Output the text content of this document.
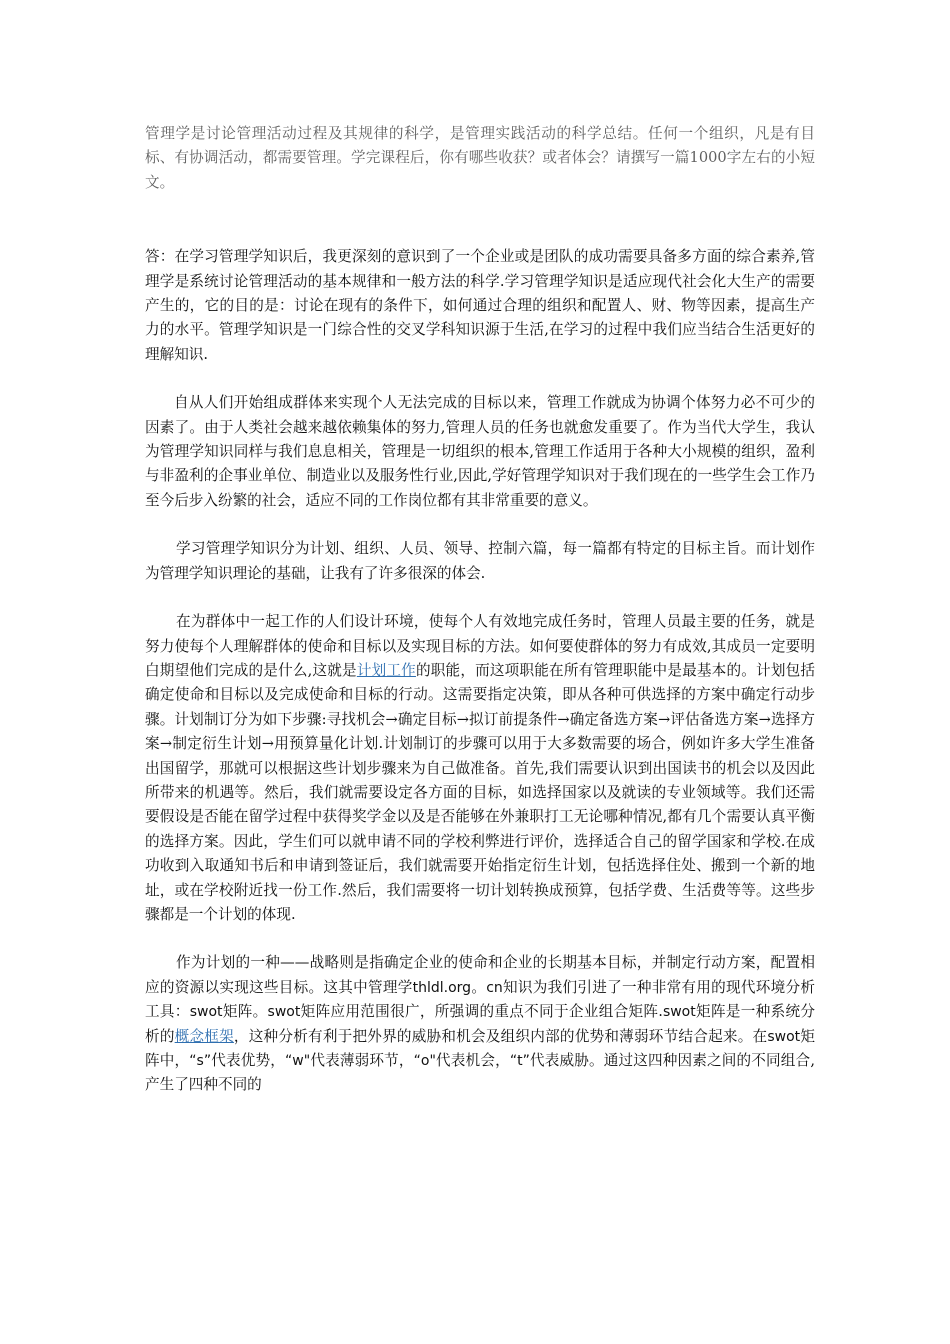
管理学是讨论管理活动过程及其规律的科学，是管理实践活动的科学总结。任何一个组织，凡是有目标、有协调活动，都需要管理。学完课程后，你有哪些收获？或者体会？请撰写一篇1000字左右的小短文。

答：在学习管理学知识后，我更深刻的意识到了一个企业或是团队的成功需要具备多方面的综合素养,管理学是系统讨论管理活动的基本规律和一般方法的科学.学习管理学知识是适应现代社会化大生产的需要产生的，它的目的是：讨论在现有的条件下，如何通过合理的组织和配置人、财、物等因素，提高生产力的水平。管理学知识是一门综合性的交叉学科知识源于生活,在学习的过程中我们应当结合生活更好的理解知识.

自从人们开始组成群体来实现个人无法完成的目标以来，管理工作就成为协调个体努力必不可少的因素了。由于人类社会越来越依赖集体的努力,管理人员的任务也就愈发重要了。作为当代大学生，我认为管理学知识同样与我们息息相关，管理是一切组织的根本,管理工作适用于各种大小规模的组织，盈利与非盈利的企事业单位、制造业以及服务性行业,因此,学好管理学知识对于我们现在的一些学生会工作乃至今后步入纷繁的社会，适应不同的工作岗位都有其非常重要的意义。

学习管理学知识分为计划、组织、人员、领导、控制六篇，每一篇都有特定的目标主旨。而计划作为管理学知识理论的基础，让我有了许多很深的体会.

在为群体中一起工作的人们设计环境，使每个人有效地完成任务时，管理人员最主要的任务，就是努力使每个人理解群体的使命和目标以及实现目标的方法。如何要使群体的努力有成效,其成员一定要明白期望他们完成的是什么,这就是计划工作的职能，而这项职能在所有管理职能中是最基本的。计划包括确定使命和目标以及完成使命和目标的行动。这需要指定决策，即从各种可供选择的方案中确定行动步骤。计划制订分为如下步骤:寻找机会→确定目标→拟订前提条件→确定备选方案→评估备选方案→选择方案→制定衍生计划→用预算量化计划.计划制订的步骤可以用于大多数需要的场合，例如许多大学生准备出国留学，那就可以根据这些计划步骤来为自己做准备。首先,我们需要认识到出国读书的机会以及因此所带来的机遇等。然后，我们就需要设定各方面的目标，如选择国家以及就读的专业领域等。我们还需要假设是否能在留学过程中获得奖学金以及是否能够在外兼职打工无论哪种情况,都有几个需要认真平衡的选择方案。因此，学生们可以就申请不同的学校利弊进行评价，选择适合自己的留学国家和学校.在成功收到入取通知书后和申请到签证后，我们就需要开始指定衍生计划，包括选择住处、搬到一个新的地址，或在学校附近找一份工作.然后，我们需要将一切计划转换成预算，包括学费、生活费等等。这些步骤都是一个计划的体现.

作为计划的一种——战略则是指确定企业的使命和企业的长期基本目标，并制定行动方案，配置相应的资源以实现这些目标。这其中管理学thldl.org。cn知识为我们引进了一种非常有用的现代环境分析工具：swot矩阵。swot矩阵应用范围很广，所强调的重点不同于企业组合矩阵.swot矩阵是一种系统分析的概念框架，这种分析有利于把外界的威胁和机会及组织内部的优势和薄弱环节结合起来。在swot矩阵中，“s”代表优势，“w"代表薄弱环节，“o"代表机会，“t”代表威胁。通过这四种因素之间的不同组合,产生了四种不同的
